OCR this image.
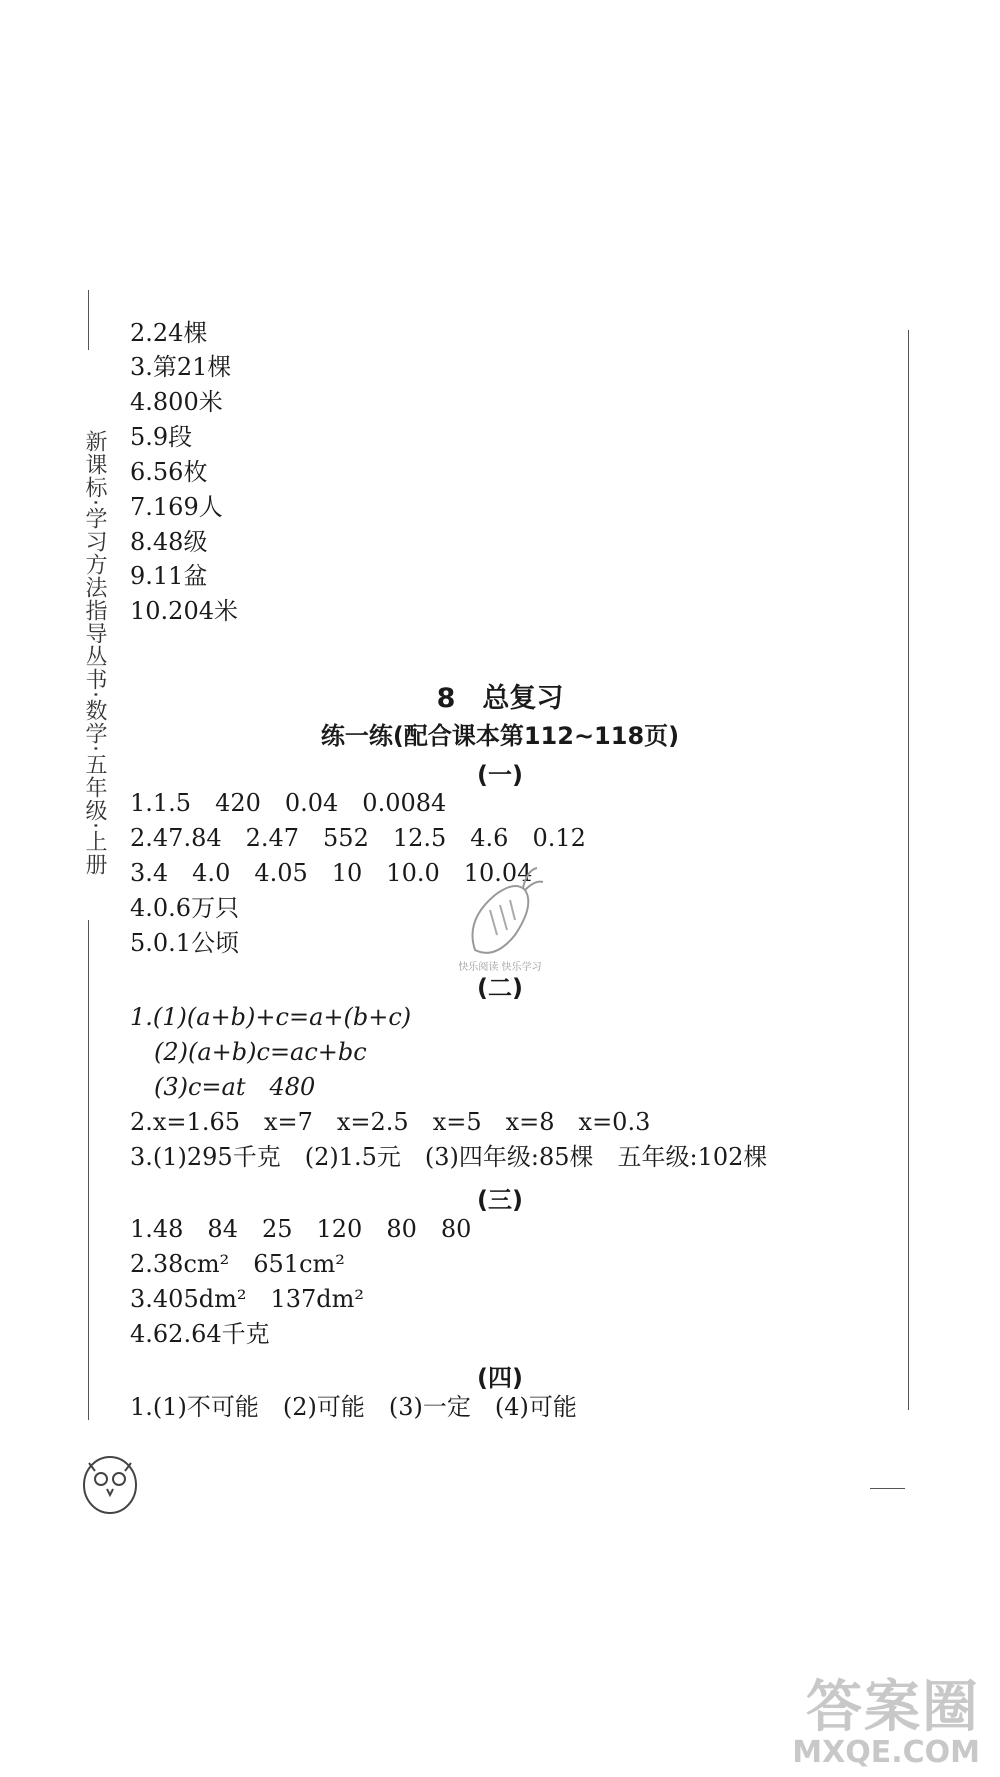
新课标·学习方法指导丛书·数学·五年级·上册
2.24棵
3.第21棵
4.800米
5.9段
6.56枚
7.169人
8.48级
9.11盆
10.204米
8　 总复习
练一练(配合课本第112~118页)
(一)
1.1.5　420　0.04　0.0084
2.47.84　2.47　552　12.5　4.6　0.12
3.4　4.0　4.05　10　10.0　10.04
4.0.6万只
5.0.1公顷
快乐阅读 快乐学习
(二)
1.(1)(a+b)+c=a+(b+c)
　(2)(a+b)c=ac+bc
　(3)c=at　480
2.x=1.65　x=7　x=2.5　x=5　x=8　x=0.3
3.(1)295千克　(2)1.5元　(3)四年级:85棵　五年级:102棵
(三)
1.48　84　25　120　80　80
2.38cm²　651cm²
3.405dm²　137dm²
4.62.64千克
(四)
1.(1)不可能　(2)可能　(3)一定　(4)可能
答案圈
MXQE.COM
